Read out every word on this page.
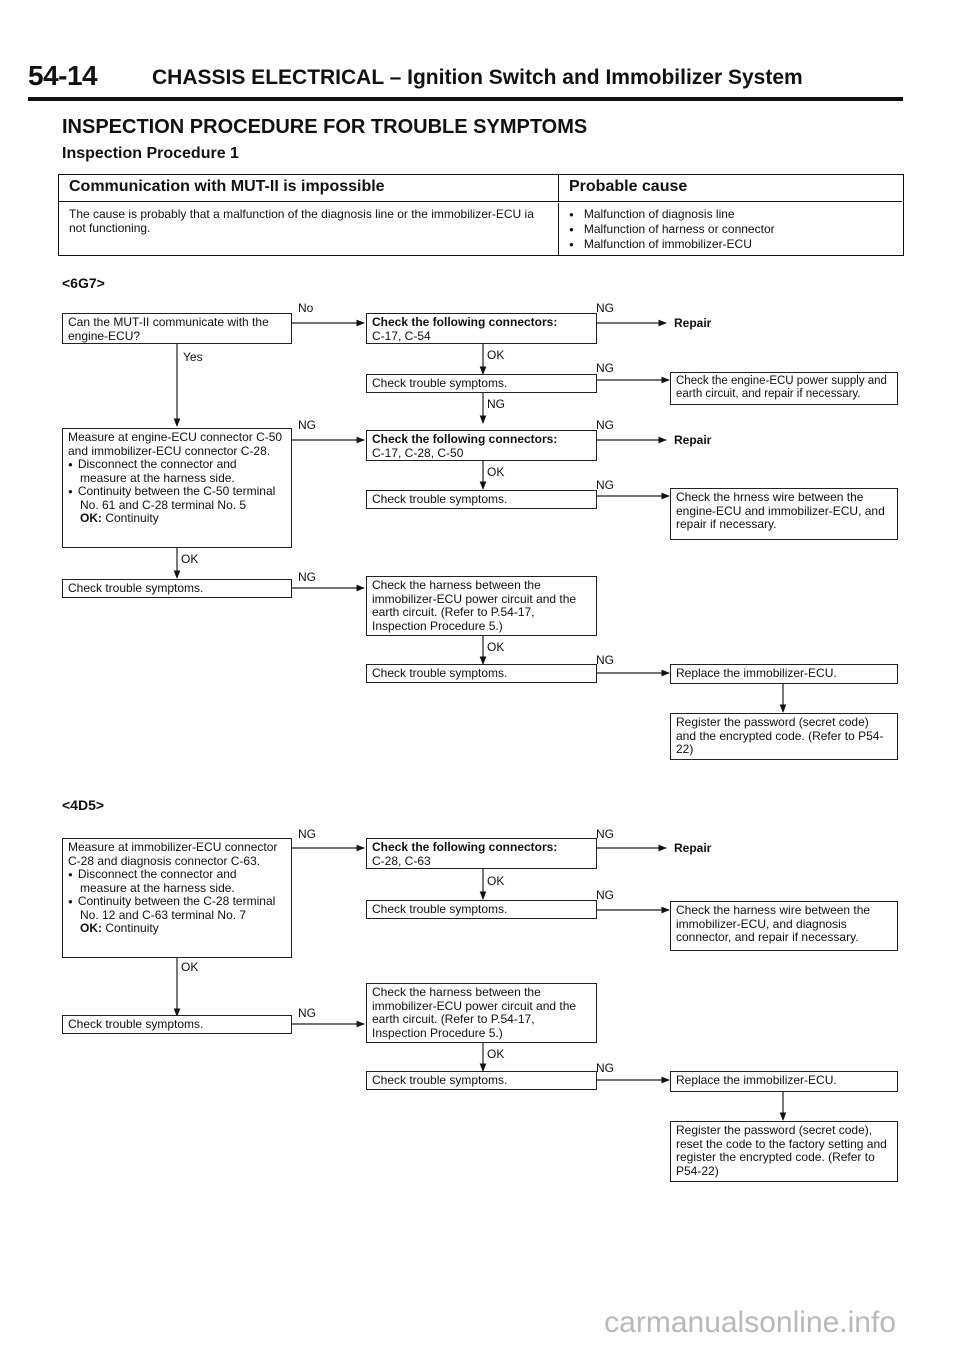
54-14	CHASSIS ELECTRICAL – Ignition Switch and Immobilizer System
INSPECTION PROCEDURE FOR TROUBLE SYMPTOMS
Inspection Procedure 1
Communication with MUT-II is impossible	Probable cause
The cause is probably that a malfunction of the diagnosis line or the immobilizer-ECU ia not functioning.
● Malfunction of diagnosis line
● Malfunction of harness or connector
● Malfunction of immobilizer-ECU
<6G7>
Can the MUT-II communicate with the
engine-ECU?
Check the following connectors:
C-17, C-54
Repair
Check trouble symptoms.	Check the engine-ECU power supply and earth circuit, and repair if necessary.
Measure at engine-ECU connector C-50 and immobilizer-ECU connector C-28.
● Disconnect the connector and measure at the harness side.
● Continuity between the C-50 terminal No. 61 and C-28 terminal No. 5
OK: Continuity
Check the following connectors:
C-17, C-28, C-50
Repair
Check trouble symptoms.	Check the hrness wire between the engine-ECU and immobilizer-ECU, and repair if necessary.
Check trouble symptoms.	Check the harness between the immobilizer-ECU power circuit and the earth circuit. (Refer to P.54-17, Inspection Procedure 5.)
Check trouble symptoms.	Replace the immobilizer-ECU.
Register the password (secret code) and the encrypted code. (Refer to P54-22)
No	NG
Yes	OK
NG
NG
NG	NG
OK
NG
OK
NG
OK
NG
<4D5>
Measure at immobilizer-ECU connector C-28 and diagnosis connector C-63.
● Disconnect the connector and measure at the harness side.
● Continuity between the C-28 terminal No. 12 and C-63 terminal No. 7
OK: Continuity
Check the following connectors:
C-28, C-63
Repair
Check trouble symptoms.	Check the harness wire between the immobilizer-ECU, and diagnosis connector, and repair if necessary.
Check trouble symptoms.
Check the harness between the immobilizer-ECU power circuit and the earth circuit. (Refer to P.54-17, Inspection Procedure 5.)
Check trouble symptoms.	Replace the immobilizer-ECU.
Register the password (secret code), reset the code to the factory setting and register the encrypted code. (Refer to P54-22)
NG	NG
OK
NG
OK
NG
OK
NG
carmanualsonline.info
